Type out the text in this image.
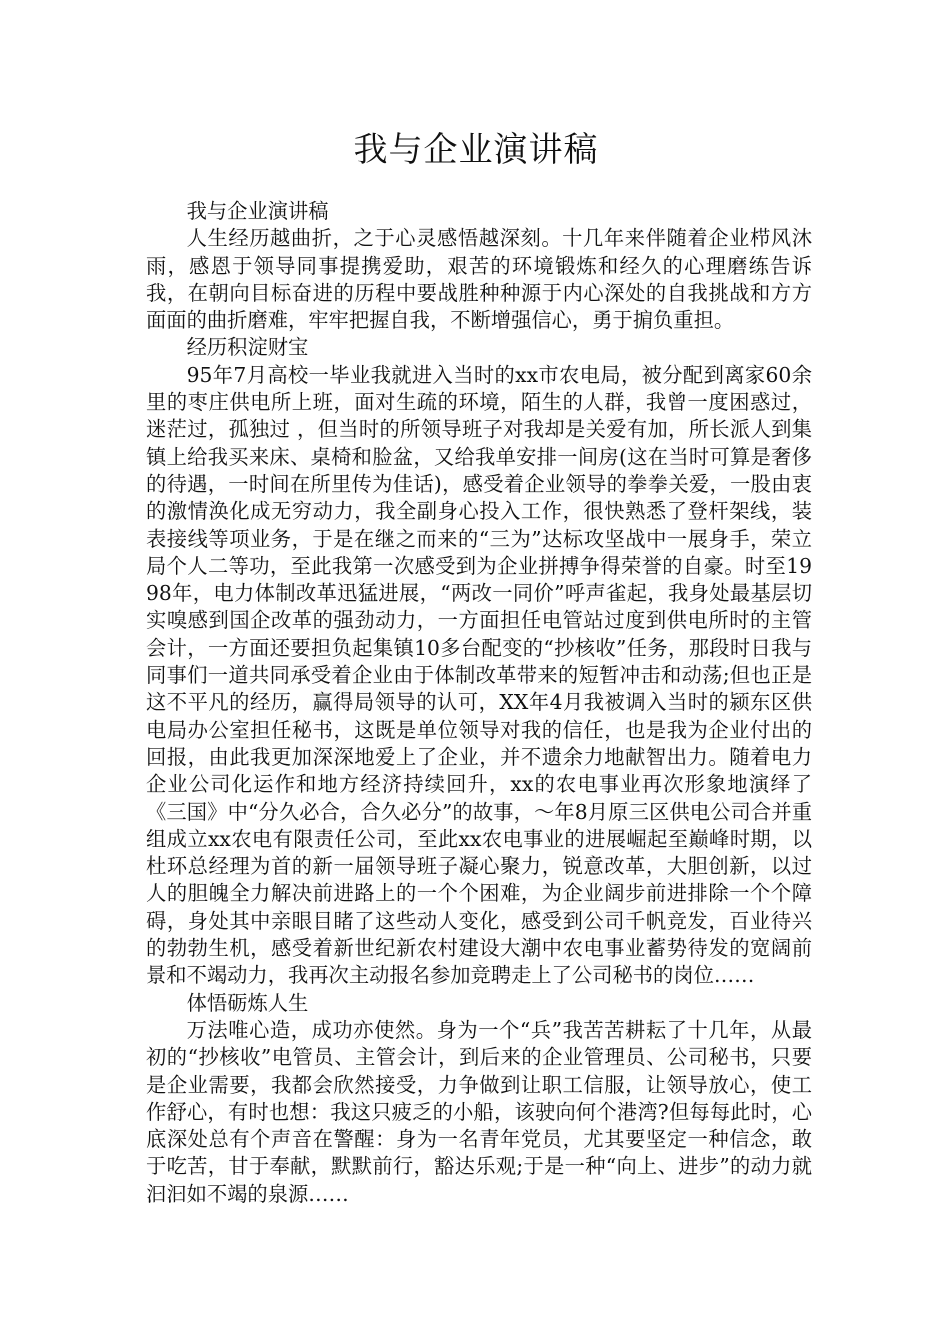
我与企业演讲稿

我与企业演讲稿

人生经历越曲折，之于心灵感悟越深刻。十几年来伴随着企业栉风沐雨，感恩于领导同事提携爱助，艰苦的环境锻炼和经久的心理磨练告诉我，在朝向目标奋进的历程中要战胜种种源于内心深处的自我挑战和方方面面的曲折磨难，牢牢把握自我，不断增强信心，勇于掮负重担。

经历积淀财宝

95年7月高校一毕业我就进入当时的xx市农电局，被分配到离家60余里的枣庄供电所上班，面对生疏的环境，陌生的人群，我曾一度困惑过，迷茫过，孤独过 ，但当时的所领导班子对我却是关爱有加，所长派人到集镇上给我买来床、桌椅和脸盆，又给我单安排一间房(这在当时可算是奢侈的待遇，一时间在所里传为佳话)，感受着企业领导的拳拳关爱，一股由衷的激情涣化成无穷动力，我全副身心投入工作，很快熟悉了登杆架线，装表接线等项业务，于是在继之而来的“三为”达标攻坚战中一展身手，荣立局个人二等功，至此我第一次感受到为企业拼搏争得荣誉的自豪。时至1998年，电力体制改革迅猛进展，“两改一同价”呼声雀起，我身处最基层切实嗅感到国企改革的强劲动力，一方面担任电管站过度到供电所时的主管会计，一方面还要担负起集镇10多台配变的“抄核收”任务，那段时日我与同事们一道共同承受着企业由于体制改革带来的短暂冲击和动荡;但也正是这不平凡的经历，赢得局领导的认可，XX年4月我被调入当时的颍东区供电局办公室担任秘书，这既是单位领导对我的信任，也是我为企业付出的回报，由此我更加深深地爱上了企业，并不遗余力地献智出力。随着电力企业公司化运作和地方经济持续回升，xx的农电事业再次形象地演绎了《三国》中“分久必合，合久必分”的故事，～年8月原三区供电公司合并重组成立xx农电有限责任公司，至此xx农电事业的进展崛起至巅峰时期，以杜环总经理为首的新一届领导班子凝心聚力，锐意改革，大胆创新，以过人的胆魄全力解决前进路上的一个个困难，为企业阔步前进排除一个个障碍，身处其中亲眼目睹了这些动人变化，感受到公司千帆竞发，百业待兴的勃勃生机，感受着新世纪新农村建设大潮中农电事业蓄势待发的宽阔前景和不竭动力，我再次主动报名参加竞聘走上了公司秘书的岗位……

体悟砺炼人生

万法唯心造，成功亦使然。身为一个“兵”我苦苦耕耘了十几年，从最初的“抄核收”电管员、主管会计，到后来的企业管理员、公司秘书，只要是企业需要，我都会欣然接受，力争做到让职工信服，让领导放心，使工作舒心，有时也想：我这只疲乏的小船，该驶向何个港湾?但每每此时，心底深处总有个声音在警醒：身为一名青年党员，尤其要坚定一种信念，敢于吃苦，甘于奉献，默默前行，豁达乐观;于是一种“向上、进步”的动力就汩汩如不竭的泉源……
